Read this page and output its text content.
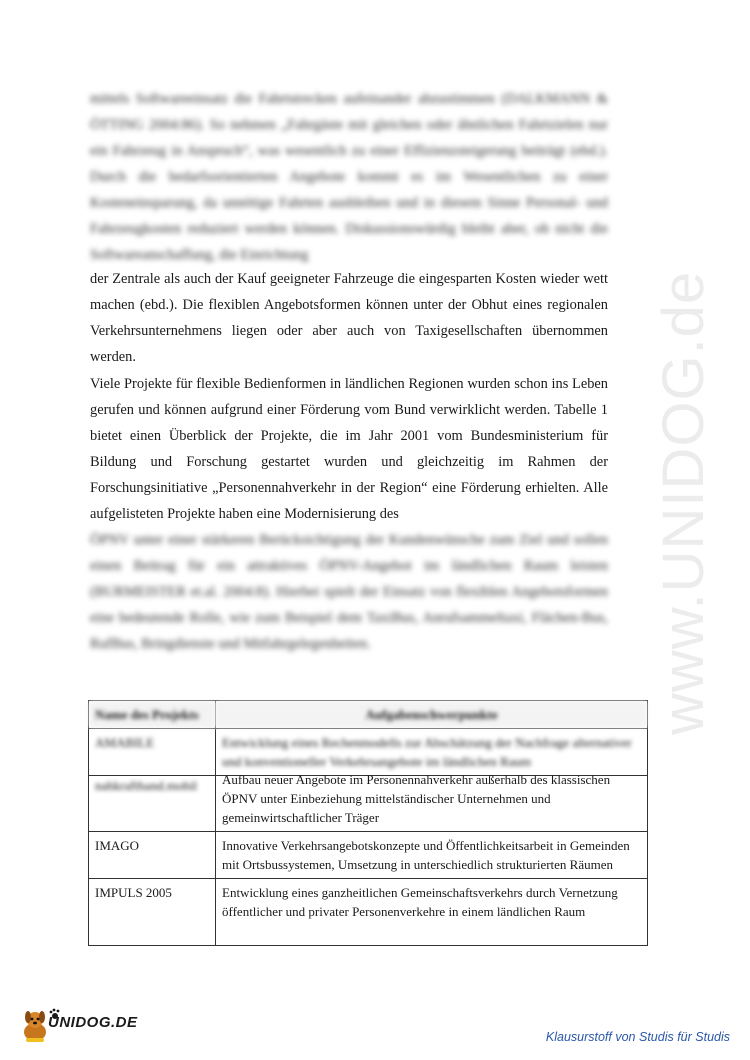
mittels Softwareeinsatz die Fahrtstrecken aufeinander abzustimmen (DALKMANN & ÖTTING 2004:86). So nehmen „Fahrgäste mit gleichen oder ähnlichen Fahrtzielen nur ein Fahrzeug in Anspruch“, was wesentlich zu einer Effizienzsteigerung beiträgt (ebd.). Durch die bedarfsorientierten Angebote kommt es im Wesentlichen zu einer Kosteneinsparung, da unnötige Fahrten ausbleiben und in diesem Sinne Personal- und Fahrzeugkosten reduziert werden können. Diskussionswürdig bleibt aber, ob nicht die Softwareanschaffung, die Einrichtung

der Zentrale als auch der Kauf geeigneter Fahrzeuge die eingesparten Kosten wieder wett machen (ebd.). Die flexiblen Angebotsformen können unter der Obhut eines regionalen Verkehrsunternehmens liegen oder aber auch von Taxigesellschaften übernommen werden.

Viele Projekte für flexible Bedienformen in ländlichen Regionen wurden schon ins Leben gerufen und können aufgrund einer Förderung vom Bund verwirklicht werden. Tabelle 1 bietet einen Überblick der Projekte, die im Jahr 2001 vom Bundesministerium für Bildung und Forschung gestartet wurden und gleichzeitig im Rahmen der Forschungsinitiative „Personennahverkehr in der Region“ eine Förderung erhielten. Alle aufgelisteten Projekte haben eine Modernisierung des

ÖPNV unter einer stärkeren Berücksichtigung der Kundenwünsche zum Ziel und sollen einen Beitrag für ein attraktives ÖPNV-Angebot im ländlichen Raum leisten (BURMEISTER et.al. 2004:8). Hierbei spielt der Einsatz von flexiblen Angebotsformen eine bedeutende Rolle, wie zum Beispiel dem TaxiBus, Anrufsammeltaxi, Flächen-Bus, RufBus, Bringdienste und Mitfahrgelegenheiten.

Name des Projekts	Aufgabenschwerpunkte
AMABILE	Entwicklung eines Rechenmodells zur Abschätzung der Nachfrage alternativer und konventioneller Verkehrsangebote im ländlichen Raum

nahkrafthand.mobil	Aufbau neuer Angebote im Personennahverkehr außerhalb des klassischen ÖPNV unter Einbeziehung mittelständischer Unternehmen und gemeinwirtschaftlicher Träger

IMAGO	Innovative Verkehrsangebotskonzepte und Öffentlichkeitsarbeit in Gemeinden mit Ortsbussystemen, Umsetzung in unterschiedlich strukturierten Räumen
IMPULS 2005	Entwicklung eines ganzheitlichen Gemeinschaftsverkehrs durch Vernetzung öffentlicher und privater Personenverkehre in einem ländlichen Raum
www.UNIDOG.de
UNIDOG.DE
Klausurstoff von Studis für Studis
